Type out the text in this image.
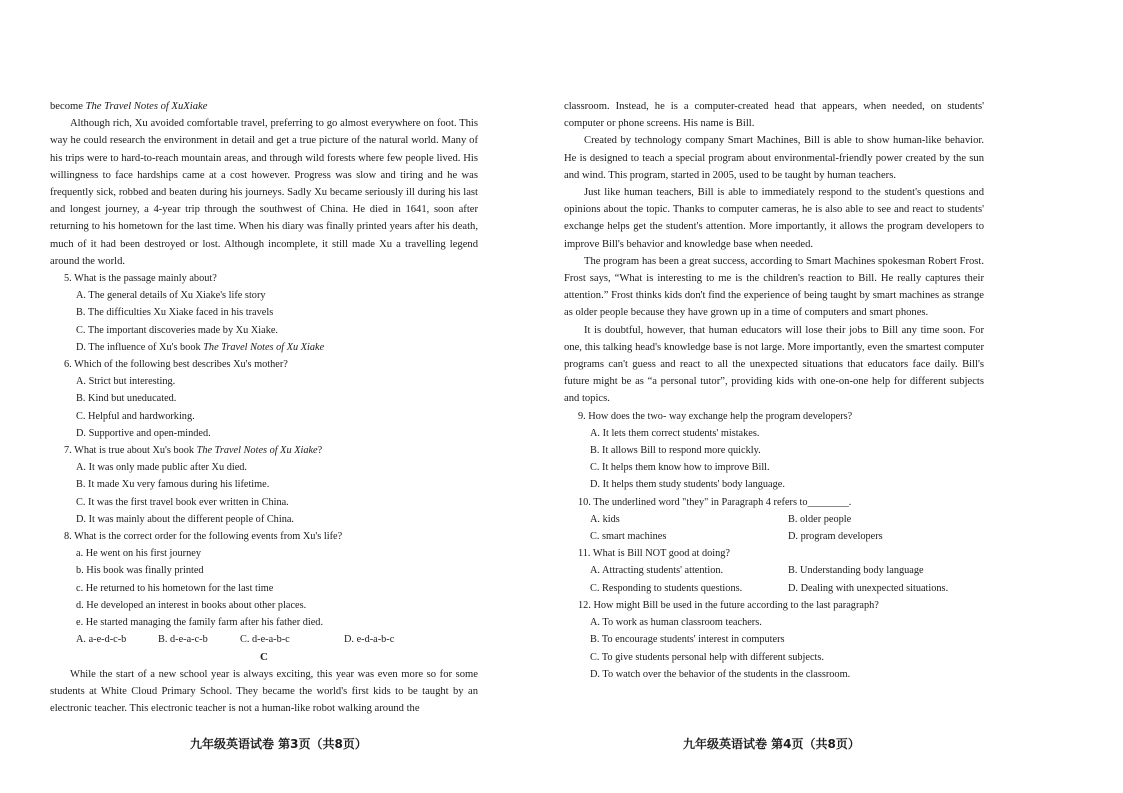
become The Travel Notes of XuXiake

Although rich, Xu avoided comfortable travel, preferring to go almost everywhere on foot. This way he could research the environment in detail and get a true picture of the natural world. Many of his trips were to hard-to-reach mountain areas, and through wild forests where few people lived. His willingness to face hardships came at a cost however. Progress was slow and tiring and he was frequently sick, robbed and beaten during his journeys. Sadly Xu became seriously ill during his last and longest journey, a 4-year trip through the southwest of China. He died in 1641, soon after returning to his hometown for the last time. When his diary was finally printed years after his death, much of it had been destroyed or lost. Although incomplete, it still made Xu a travelling legend around the world.

5. What is the passage mainly about?

A. The general details of Xu Xiake's life story

B. The difficulties Xu Xiake faced in his travels

C. The important discoveries made by Xu Xiake.

D. The influence of Xu's book The Travel Notes of Xu Xiake

6. Which of the following best describes Xu's mother?

A. Strict but interesting.

B. Kind but uneducated.

C. Helpful and hardworking.

D. Supportive and open-minded.

7. What is true about Xu's book The Travel Notes of Xu Xiake?

A. It was only made public after Xu died.

B. It made Xu very famous during his lifetime.

C. It was the first travel book ever written in China.

D. It was mainly about the different people of China.

8. What is the correct order for the following events from Xu's life?

a. He went on his first journey

b. His book was finally printed

c. He returned to his hometown for the last time

d. He developed an interest in books about other places.

e. He started managing the family farm after his father died.

A. a-e-d-c-b	B. d-e-a-c-b	C. d-e-a-b-c	D. e-d-a-b-c

C

While the start of a new school year is always exciting, this year was even more so for some students at White Cloud Primary School. They became the world's first kids to be taught by an electronic teacher. This electronic teacher is not a human-like robot walking around the

classroom. Instead, he is a computer-created head that appears, when needed, on students' computer or phone screens. His name is Bill.

Created by technology company Smart Machines, Bill is able to show human-like behavior. He is designed to teach a special program about environmental-friendly power created by the sun and wind. This program, started in 2005, used to be taught by human teachers.

Just like human teachers, Bill is able to immediately respond to the student's questions and opinions about the topic. Thanks to computer cameras, he is also able to see and react to students' exchange helps get the student's attention. More importantly, it allows the program developers to improve Bill's behavior and knowledge base when needed.

The program has been a great success, according to Smart Machines spokesman Robert Frost. Frost says, “What is interesting to me is the children's reaction to Bill. He really captures their attention.” Frost thinks kids don't find the experience of being taught by smart machines as strange as older people because they have grown up in a time of computers and smart phones.

It is doubtful, however, that human educators will lose their jobs to Bill any time soon. For one, this talking head's knowledge base is not large. More importantly, even the smartest computer programs can't guess and react to all the unexpected situations that educators face daily. Bill's future might be as “a personal tutor”, providing kids with one-on-one help for different subjects and topics.

9. How does the two- way exchange help the program developers?

A. It lets them correct students' mistakes.

B. It allows Bill to respond more quickly.

C. It helps them know how to improve Bill.

D. It helps them study students' body language.

10. The underlined word "they" in Paragraph 4 refers to________.

A. kids	B. older people
C. smart machines	D. program developers

11. What is Bill NOT good at doing?

A. Attracting students' attention.	B. Understanding body language
C. Responding to students questions.	D. Dealing with unexpected situations.

12. How might Bill be used in the future according to the last paragraph?

A. To work as human classroom teachers.

B. To encourage students' interest in computers

C. To give students personal help with different subjects.

D. To watch over the behavior of the students in the classroom.

九年级英语试卷 第3页（共8页）	九年级英语试卷 第4页（共8页）
